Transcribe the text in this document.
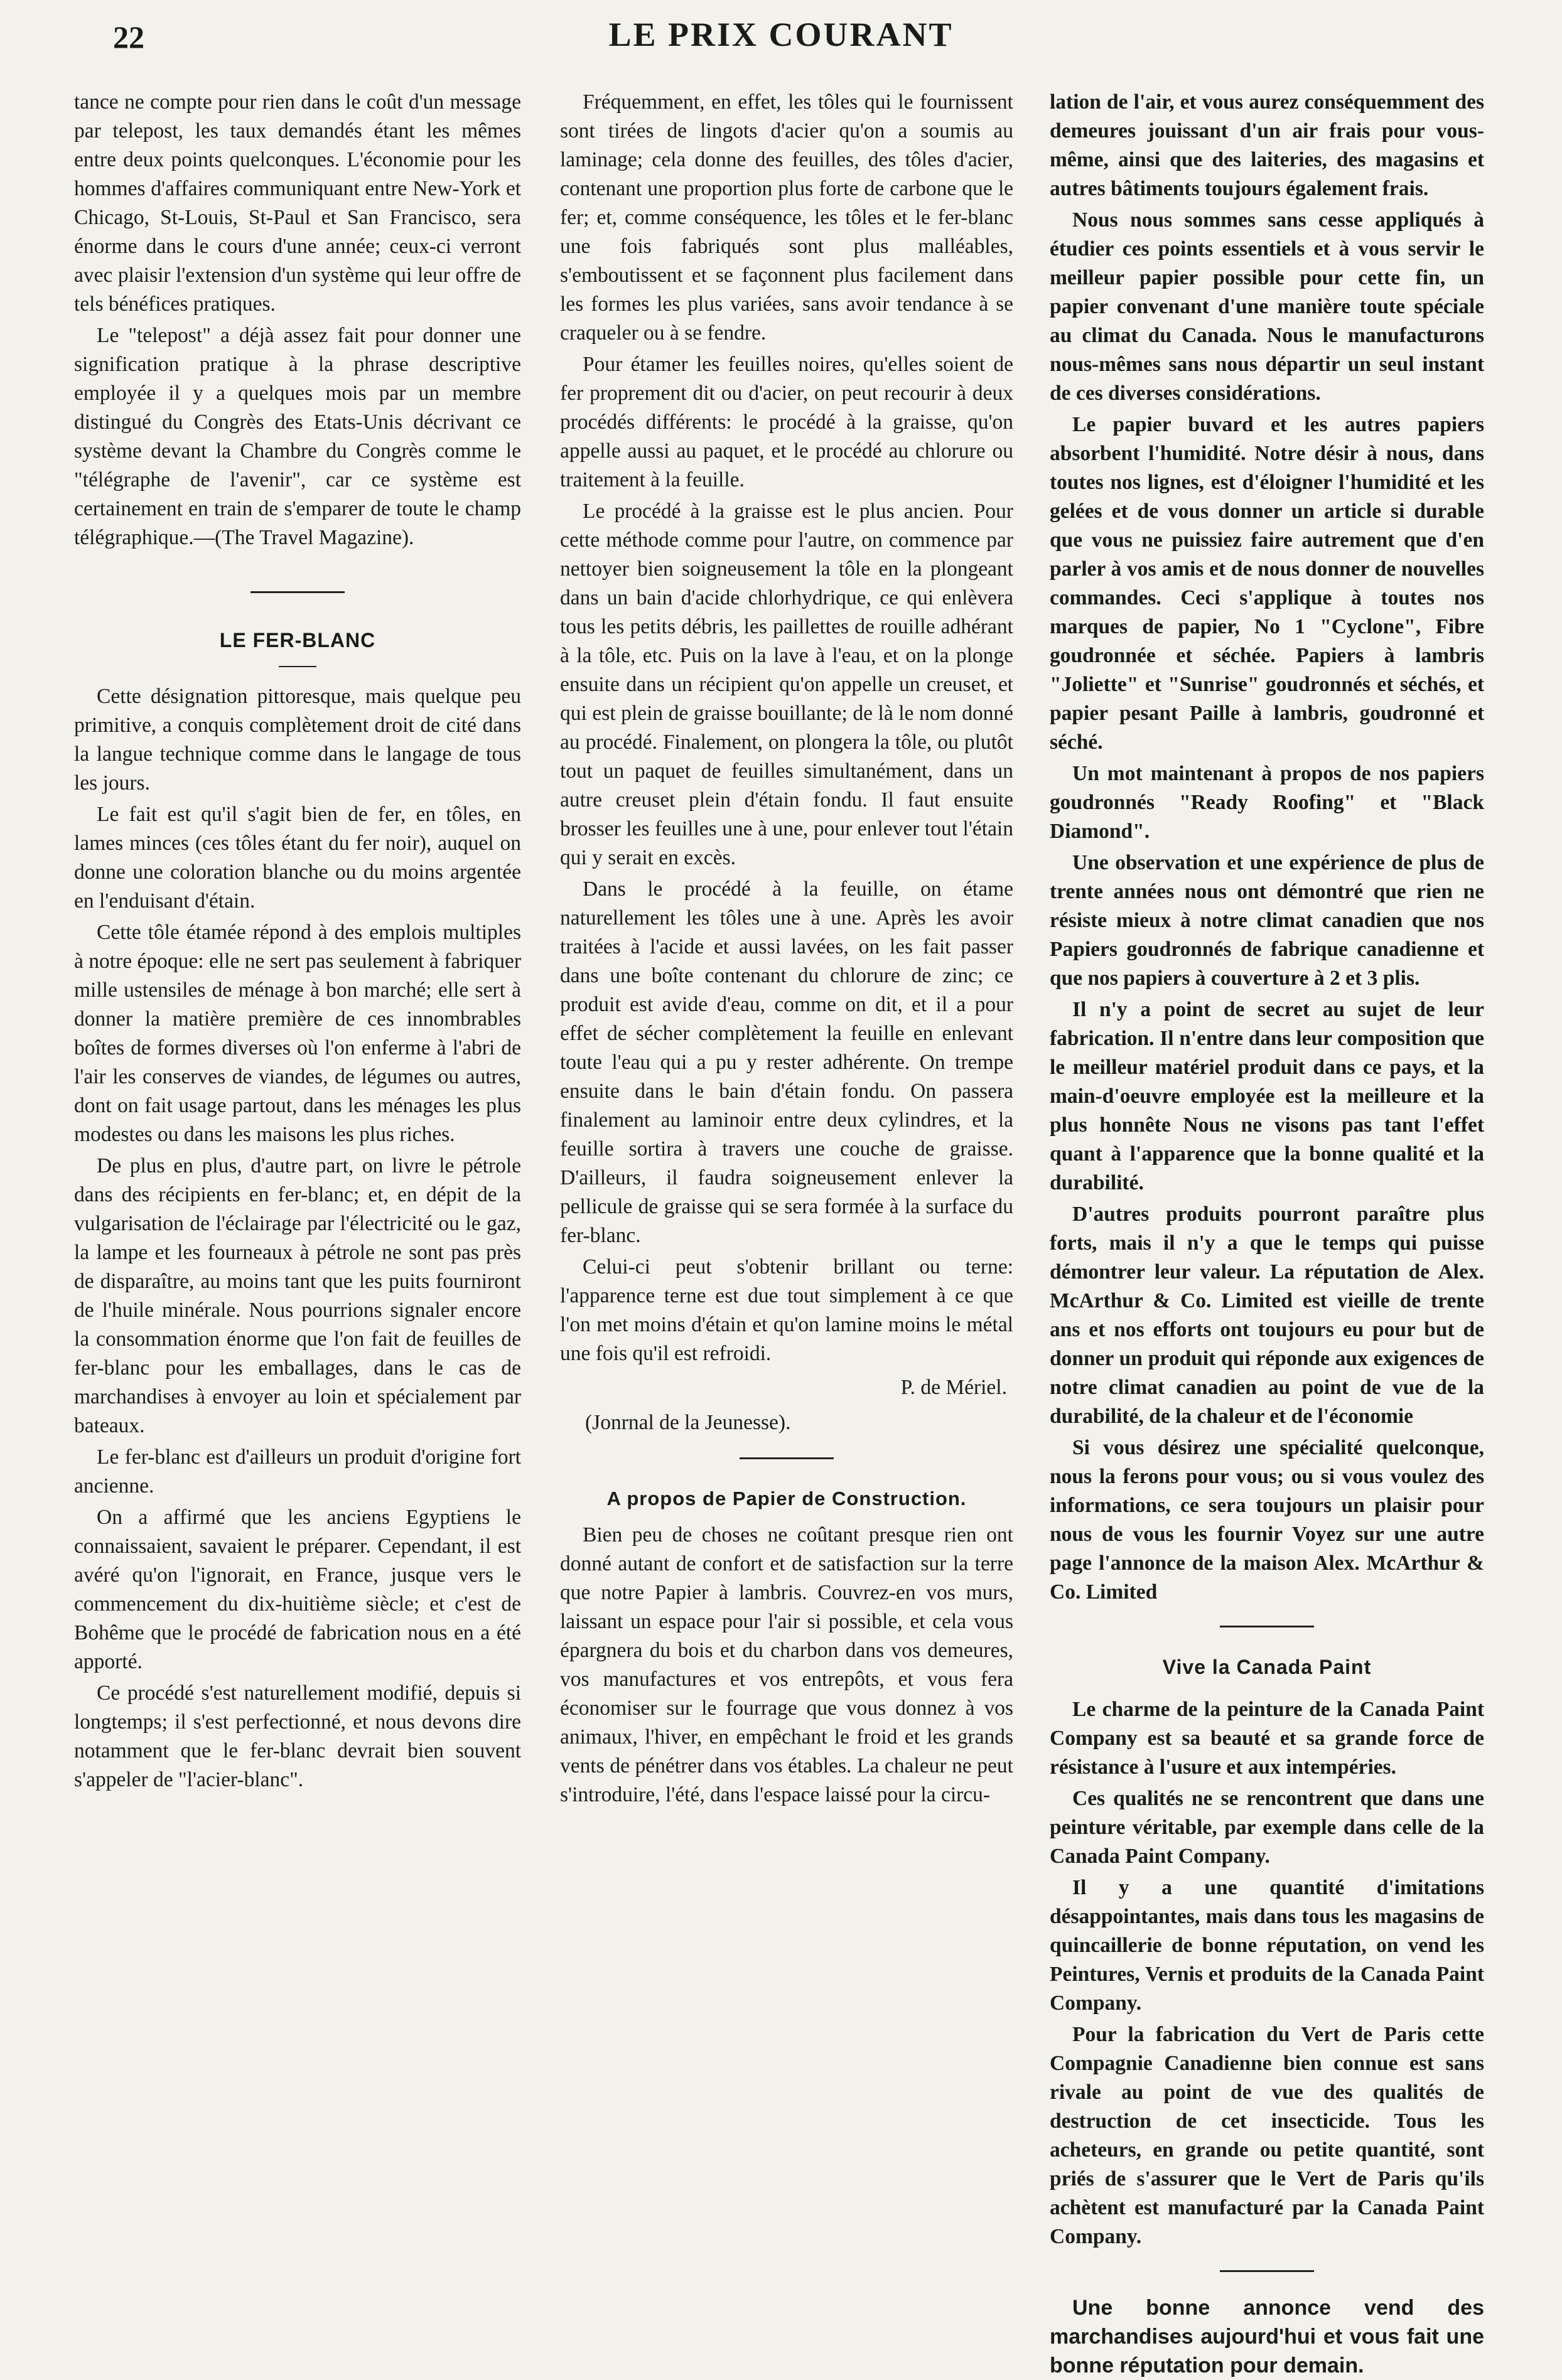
22	LE PRIX COURANT

tance ne compte pour rien dans le coût d'un message par telepost, les taux demandés étant les mêmes entre deux points quelconques. L'économie pour les hommes d'affaires communiquant entre New-York et Chicago, St-Louis, St-Paul et San Francisco, sera énorme dans le cours d'une année; ceux-ci verront avec plaisir l'extension d'un système qui leur offre de tels bénéfices pratiques.

Le "telepost" a déjà assez fait pour donner une signification pratique à la phrase descriptive employée il y a quelques mois par un membre distingué du Congrès des Etats-Unis décrivant ce système devant la Chambre du Congrès comme le "télégraphe de l'avenir", car ce système est certainement en train de s'emparer de toute le champ télégraphique.—(The Travel Magazine).

LE FER-BLANC

Cette désignation pittoresque, mais quelque peu primitive, a conquis complètement droit de cité dans la langue technique comme dans le langage de tous les jours.

Le fait est qu'il s'agit bien de fer, en tôles, en lames minces (ces tôles étant du fer noir), auquel on donne une coloration blanche ou du moins argentée en l'enduisant d'étain.

Cette tôle étamée répond à des emplois multiples à notre époque: elle ne sert pas seulement à fabriquer mille ustensiles de ménage à bon marché; elle sert à donner la matière première de ces innombrables boîtes de formes diverses où l'on enferme à l'abri de l'air les conserves de viandes, de légumes ou autres, dont on fait usage partout, dans les ménages les plus modestes ou dans les maisons les plus riches.

De plus en plus, d'autre part, on livre le pétrole dans des récipients en fer-blanc; et, en dépit de la vulgarisation de l'éclairage par l'électricité ou le gaz, la lampe et les fourneaux à pétrole ne sont pas près de disparaître, au moins tant que les puits fourniront de l'huile minérale. Nous pourrions signaler encore la consommation énorme que l'on fait de feuilles de fer-blanc pour les emballages, dans le cas de marchandises à envoyer au loin et spécialement par bateaux.

Le fer-blanc est d'ailleurs un produit d'origine fort ancienne.

On a affirmé que les anciens Egyptiens le connaissaient, savaient le préparer. Cependant, il est avéré qu'on l'ignorait, en France, jusque vers le commencement du dix-huitième siècle; et c'est de Bohême que le procédé de fabrication nous en a été apporté.

Ce procédé s'est naturellement modifié, depuis si longtemps; il s'est perfectionné, et nous devons dire notamment que le fer-blanc devrait bien souvent s'appeler de "l'acier-blanc".

Fréquemment, en effet, les tôles qui le fournissent sont tirées de lingots d'acier qu'on a soumis au laminage; cela donne des feuilles, des tôles d'acier, contenant une proportion plus forte de carbone que le fer; et, comme conséquence, les tôles et le fer-blanc une fois fabriqués sont plus malléables, s'emboutissent et se façonnent plus facilement dans les formes les plus variées, sans avoir tendance à se craqueler ou à se fendre.

Pour étamer les feuilles noires, qu'elles soient de fer proprement dit ou d'acier, on peut recourir à deux procédés différents: le procédé à la graisse, qu'on appelle aussi au paquet, et le procédé au chlorure ou traitement à la feuille.

Le procédé à la graisse est le plus ancien. Pour cette méthode comme pour l'autre, on commence par nettoyer bien soigneusement la tôle en la plongeant dans un bain d'acide chlorhydrique, ce qui enlèvera tous les petits débris, les paillettes de rouille adhérant à la tôle, etc. Puis on la lave à l'eau, et on la plonge ensuite dans un récipient qu'on appelle un creuset, et qui est plein de graisse bouillante; de là le nom donné au procédé. Finalement, on plongera la tôle, ou plutôt tout un paquet de feuilles simultanément, dans un autre creuset plein d'étain fondu. Il faut ensuite brosser les feuilles une à une, pour enlever tout l'étain qui y serait en excès.

Dans le procédé à la feuille, on étame naturellement les tôles une à une. Après les avoir traitées à l'acide et aussi lavées, on les fait passer dans une boîte contenant du chlorure de zinc; ce produit est avide d'eau, comme on dit, et il a pour effet de sécher complètement la feuille en enlevant toute l'eau qui a pu y rester adhérente. On trempe ensuite dans le bain d'étain fondu. On passera finalement au laminoir entre deux cylindres, et la feuille sortira à travers une couche de graisse. D'ailleurs, il faudra soigneusement enlever la pellicule de graisse qui se sera formée à la surface du fer-blanc.

Celui-ci peut s'obtenir brillant ou terne: l'apparence terne est due tout simplement à ce que l'on met moins d'étain et qu'on lamine moins le métal une fois qu'il est refroidi.

P. de Mériel.

(Jonrnal de la Jeunesse).

A propos de Papier de Construction.

Bien peu de choses ne coûtant presque rien ont donné autant de confort et de satisfaction sur la terre que notre Papier à lambris. Couvrez-en vos murs, laissant un espace pour l'air si possible, et cela vous épargnera du bois et du charbon dans vos demeures, vos manufactures et vos entrepôts, et vous fera économiser sur le fourrage que vous donnez à vos animaux, l'hiver, en empêchant le froid et les grands vents de pénétrer dans vos étables. La chaleur ne peut s'introduire, l'été, dans l'espace laissé pour la circu-

lation de l'air, et vous aurez conséquemment des demeures jouissant d'un air frais pour vous-même, ainsi que des laiteries, des magasins et autres bâtiments toujours également frais.

Nous nous sommes sans cesse appliqués à étudier ces points essentiels et à vous servir le meilleur papier possible pour cette fin, un papier convenant d'une manière toute spéciale au climat du Canada. Nous le manufacturons nous-mêmes sans nous départir un seul instant de ces diverses considérations.

Le papier buvard et les autres papiers absorbent l'humidité. Notre désir à nous, dans toutes nos lignes, est d'éloigner l'humidité et les gelées et de vous donner un article si durable que vous ne puissiez faire autrement que d'en parler à vos amis et de nous donner de nouvelles commandes. Ceci s'applique à toutes nos marques de papier, No 1 "Cyclone", Fibre goudronnée et séchée. Papiers à lambris "Joliette" et "Sunrise" goudronnés et séchés, et papier pesant Paille à lambris, goudronné et séché.

Un mot maintenant à propos de nos papiers goudronnés "Ready Roofing" et "Black Diamond".

Une observation et une expérience de plus de trente années nous ont démontré que rien ne résiste mieux à notre climat canadien que nos Papiers goudronnés de fabrique canadienne et que nos papiers à couverture à 2 et 3 plis.

Il n'y a point de secret au sujet de leur fabrication. Il n'entre dans leur composition que le meilleur matériel produit dans ce pays, et la main-d'oeuvre employée est la meilleure et la plus honnête Nous ne visons pas tant l'effet quant à l'apparence que la bonne qualité et la durabilité.

D'autres produits pourront paraître plus forts, mais il n'y a que le temps qui puisse démontrer leur valeur. La réputation de Alex. McArthur & Co. Limited est vieille de trente ans et nos efforts ont toujours eu pour but de donner un produit qui réponde aux exigences de notre climat canadien au point de vue de la durabilité, de la chaleur et de l'économie

Si vous désirez une spécialité quelconque, nous la ferons pour vous; ou si vous voulez des informations, ce sera toujours un plaisir pour nous de vous les fournir Voyez sur une autre page l'annonce de la maison Alex. McArthur & Co. Limited

Vive la Canada Paint

Le charme de la peinture de la Canada Paint Company est sa beauté et sa grande force de résistance à l'usure et aux intempéries.

Ces qualités ne se rencontrent que dans une peinture véritable, par exemple dans celle de la Canada Paint Company.

Il y a une quantité d'imitations désappointantes, mais dans tous les magasins de quincaillerie de bonne réputation, on vend les Peintures, Vernis et produits de la Canada Paint Company.

Pour la fabrication du Vert de Paris cette Compagnie Canadienne bien connue est sans rivale au point de vue des qualités de destruction de cet insecticide. Tous les acheteurs, en grande ou petite quantité, sont priés de s'assurer que le Vert de Paris qu'ils achètent est manufacturé par la Canada Paint Company.

Une bonne annonce vend des marchandises aujourd'hui et vous fait une bonne réputation pour demain.
